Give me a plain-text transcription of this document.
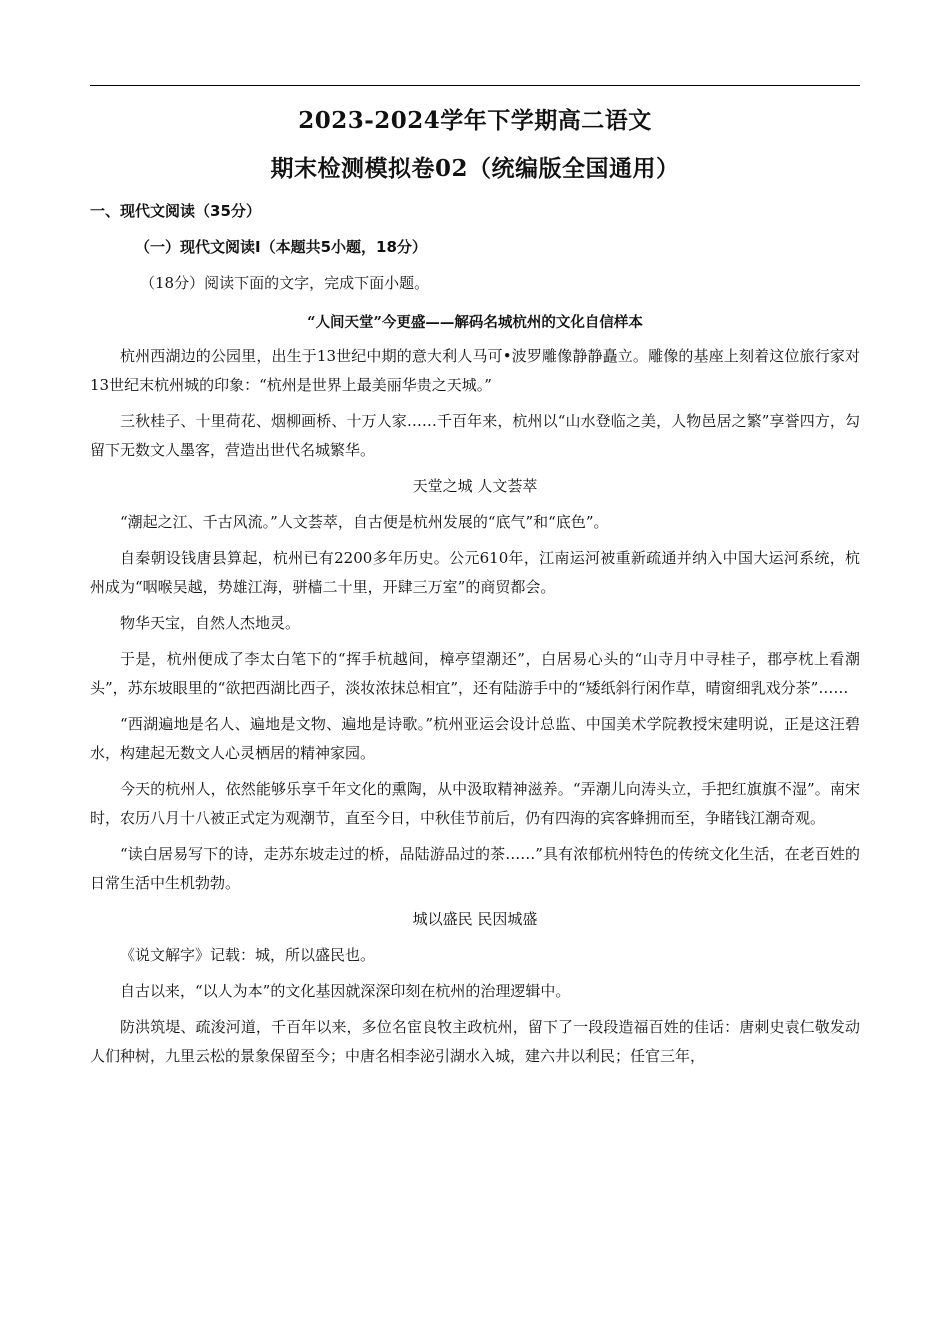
2023-2024学年下学期高二语文
期末检测模拟卷02（统编版全国通用）
一、现代文阅读（35分）
（一）现代文阅读I（本题共5小题，18分）
（18分）阅读下面的文字，完成下面小题。
“人间天堂”今更盛——解码名城杭州的文化自信样本

杭州西湖边的公园里，出生于13世纪中期的意大利人马可•波罗雕像静静矗立。雕像的基座上刻着这位旅行家对13世纪末杭州城的印象：“杭州是世界上最美丽华贵之天城。”

三秋桂子、十里荷花、烟柳画桥、十万人家……千百年来，杭州以“山水登临之美，人物邑居之繁”享誉四方，勾留下无数文人墨客，营造出世代名城繁华。

天堂之城 人文荟萃

“潮起之江、千古风流。”人文荟萃，自古便是杭州发展的“底气”和“底色”。

自秦朝设钱唐县算起，杭州已有2200多年历史。公元610年，江南运河被重新疏通并纳入中国大运河系统，杭州成为“咽喉吴越，势雄江海，骈樯二十里，开肆三万室”的商贸都会。

物华天宝，自然人杰地灵。

于是，杭州便成了李太白笔下的“挥手杭越间，樟亭望潮还”，白居易心头的“山寺月中寻桂子，郡亭枕上看潮头”，苏东坡眼里的“欲把西湖比西子，淡妆浓抹总相宜”，还有陆游手中的“矮纸斜行闲作草，晴窗细乳戏分茶”……

“西湖遍地是名人、遍地是文物、遍地是诗歌。”杭州亚运会设计总监、中国美术学院教授宋建明说，正是这汪碧水，构建起无数文人心灵栖居的精神家园。

今天的杭州人，依然能够乐享千年文化的熏陶，从中汲取精神滋养。“弄潮儿向涛头立，手把红旗旗不湿”。南宋时，农历八月十八被正式定为观潮节，直至今日，中秋佳节前后，仍有四海的宾客蜂拥而至，争睹钱江潮奇观。

“读白居易写下的诗，走苏东坡走过的桥，品陆游品过的茶……”具有浓郁杭州特色的传统文化生活，在老百姓的日常生活中生机勃勃。

城以盛民 民因城盛

《说文解字》记载：城，所以盛民也。

自古以来，“以人为本”的文化基因就深深印刻在杭州的治理逻辑中。

防洪筑堤、疏浚河道，千百年以来，多位名宦良牧主政杭州，留下了一段段造福百姓的佳话：唐刺史袁仁敬发动人们种树，九里云松的景象保留至今；中唐名相李泌引湖水入城，建六井以利民；任官三年，
